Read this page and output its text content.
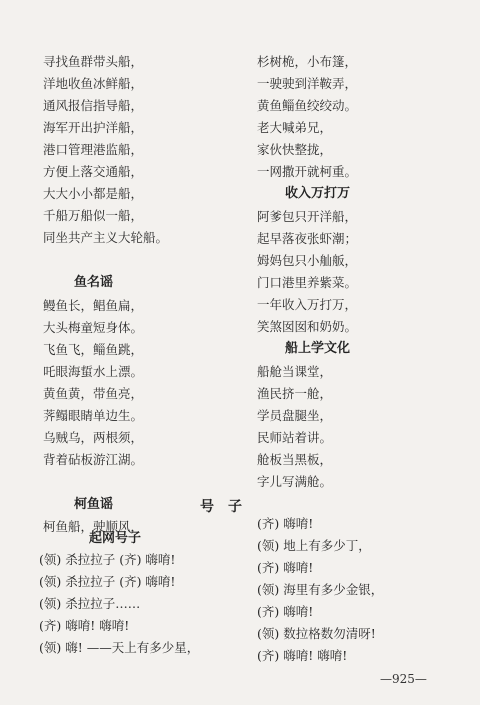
寻找鱼群带头船，
洋地收鱼冰鲜船，
通风报信指导船，
海军开出护洋船，
港口管理港监船，
方便上落交通船，
大大小小都是船，
千船万船似一船，
同坐共产主义大轮船。
鱼名谣
鳗鱼长，鲳鱼扁，
大头梅童短身体。
飞鱼飞，鲻鱼跳，
吒眼海蜇水上漂。
黄鱼黄，带鱼亮，
荠鳎眼睛单边生。
乌贼乌，两根须，
背着砧板游江湖。
柯鱼谣
柯鱼船，驶顺风，
杉树桅，小布篷，
一驶驶到洋鞍弄，
黄鱼鲻鱼绞绞动。
老大喊弟兄，
家伙快整拢，
一网撒开就柯重。
收入万打万
阿爹包只开洋船，
起早落夜张虾潮；
姆妈包只小舢舨，
门口港里养紫菜。
一年收入万打万，
笑煞囡囡和奶奶。
船上学文化
船舱当课堂，
渔民挤一舱，
学员盘腿坐，
民师站着讲。
舱板当黑板，
字儿写满舱。
号子
起网号子
(领) 杀拉拉子 (齐) 嗨唷!
(领) 杀拉拉子 (齐) 嗨唷!
(领) 杀拉拉子……
(齐) 嗨唷! 嗨唷!
(领) 嗨! ——天上有多少星，
(齐) 嗨唷!
(领) 地上有多少丁，
(齐) 嗨唷!
(领) 海里有多少金银，
(齐) 嗨唷!
(领) 数拉格数勿清呀!
(齐) 嗨唷! 嗨唷!
—925—
